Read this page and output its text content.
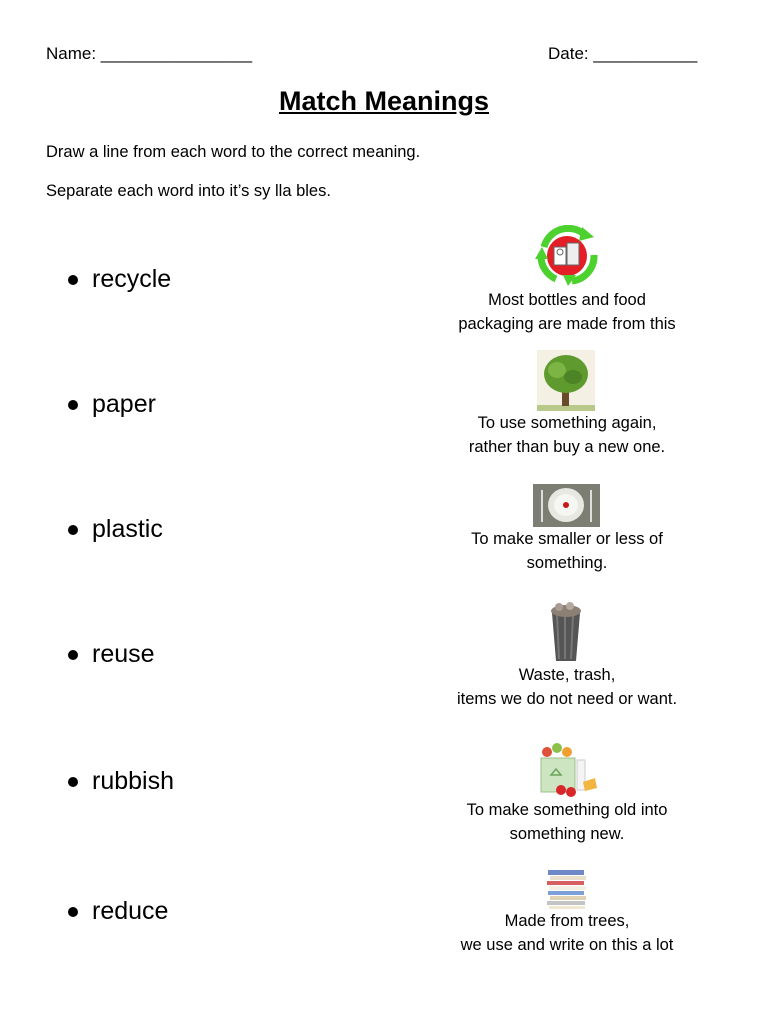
Name: ________________	Date: ___________
Match Meanings
Draw a line from each word to the correct meaning.
Separate each word into it’s sy lla bles.
recycle
paper
plastic
reuse
rubbish
reduce
Most bottles and food
packaging are made from this
To use something again,
rather than buy a new one.
To make smaller or less of
something.
Waste, trash,
items we do not need or want.
To make something old into
something new.
Made from trees,
we use and write on this a lot
